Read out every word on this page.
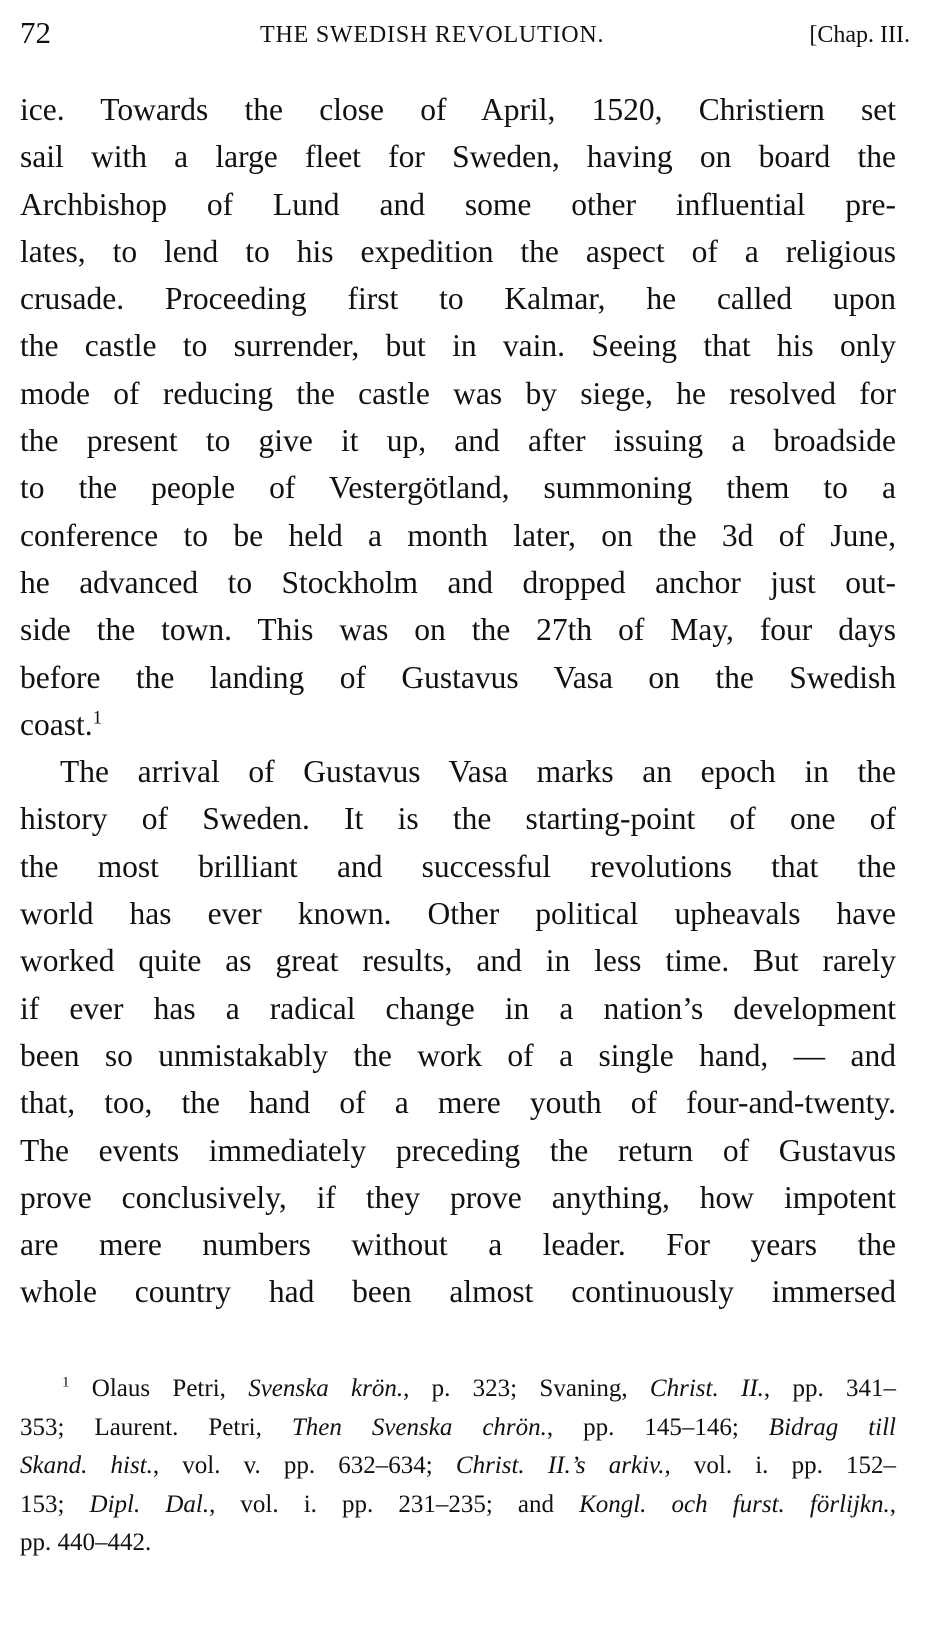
72	THE SWEDISH REVOLUTION.	[Chap. III.
ice. Towards the close of April, 1520, Christiern set
sail with a large fleet for Sweden, having on board the
Archbishop of Lund and some other influential pre-
lates, to lend to his expedition the aspect of a religious
crusade. Proceeding first to Kalmar, he called upon
the castle to surrender, but in vain. Seeing that his only
mode of reducing the castle was by siege, he resolved for
the present to give it up, and after issuing a broadside
to the people of Vestergötland, summoning them to a
conference to be held a month later, on the 3d of June,
he advanced to Stockholm and dropped anchor just out-
side the town. This was on the 27th of May, four days
before the landing of Gustavus Vasa on the Swedish
coast.$^1$
The arrival of Gustavus Vasa marks an epoch in the
history of Sweden. It is the starting-point of one of
the most brilliant and successful revolutions that the
world has ever known. Other political upheavals have
worked quite as great results, and in less time. But rarely
if ever has a radical change in a nation’s development
been so unmistakably the work of a single hand, — and
that, too, the hand of a mere youth of four-and-twenty.
The events immediately preceding the return of Gustavus
prove conclusively, if they prove anything, how impotent
are mere numbers without a leader. For years the
whole country had been almost continuously immersed
$^1$ Olaus Petri, Svenska krön., p. 323; Svaning, Christ. II., pp. 341–
353; Laurent. Petri, Then Svenska chrön., pp. 145–146; Bidrag till
Skand. hist., vol. v. pp. 632–634; Christ. II.’s arkiv., vol. i. pp. 152–
153; Dipl. Dal., vol. i. pp. 231–235; and Kongl. och furst. förlijkn.,
pp. 440–442.
